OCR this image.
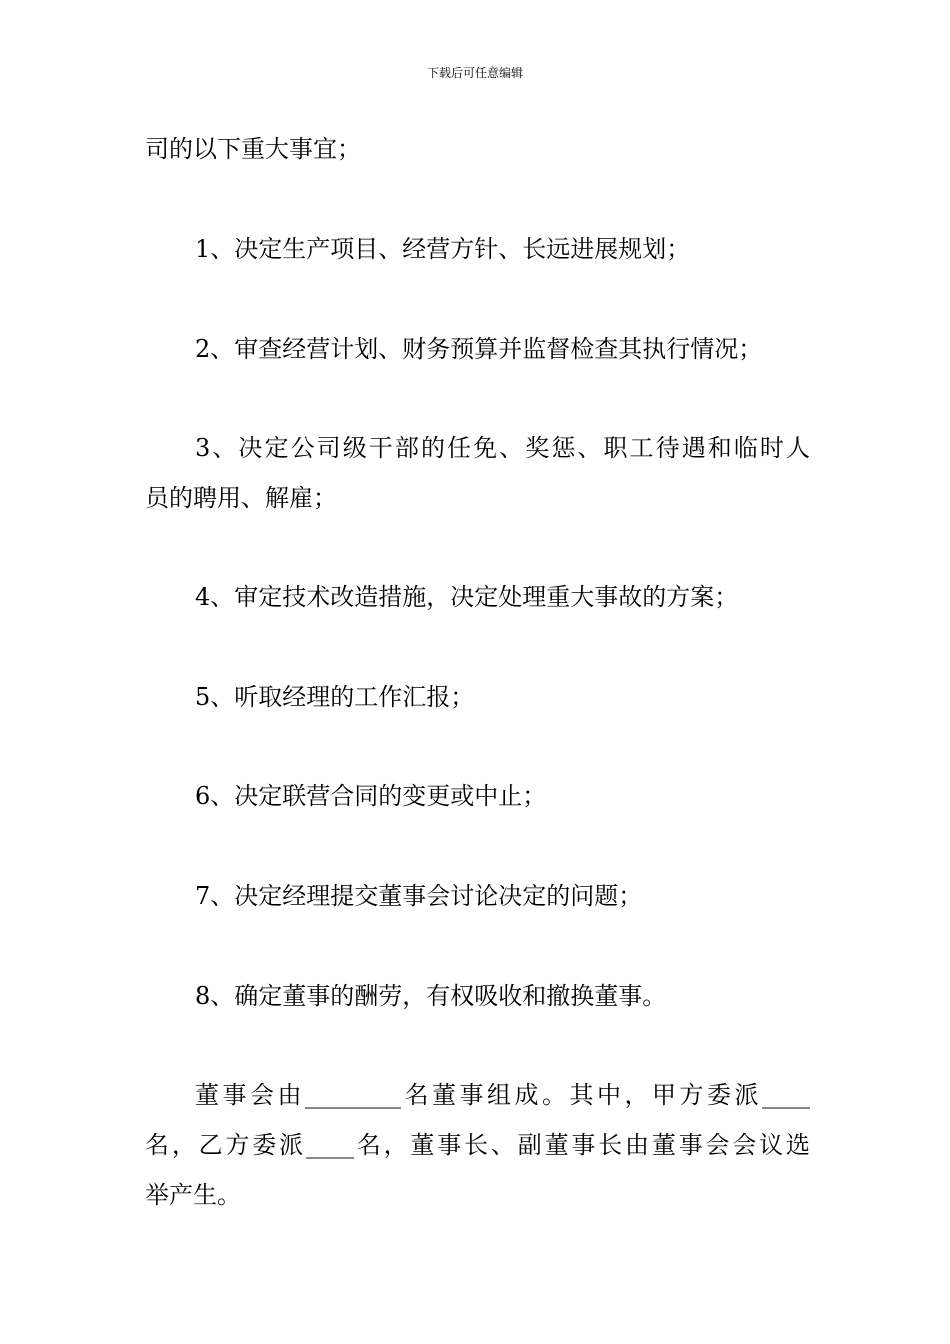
下载后可任意编辑
司的以下重大事宜；
1、决定生产项目、经营方针、长远进展规划；
2、审查经营计划、财务预算并监督检查其执行情况；
3、决定公司级干部的任免、奖惩、职工待遇和临时人
员的聘用、解雇；
4、审定技术改造措施，决定处理重大事故的方案；
5、听取经理的工作汇报；
6、决定联营合同的变更或中止；
7、决定经理提交董事会讨论决定的问题；
8、确定董事的酬劳，有权吸收和撤换董事。
董事会由________名董事组成。其中，甲方委派____
名，乙方委派____名，董事长、副董事长由董事会会议选
举产生。
